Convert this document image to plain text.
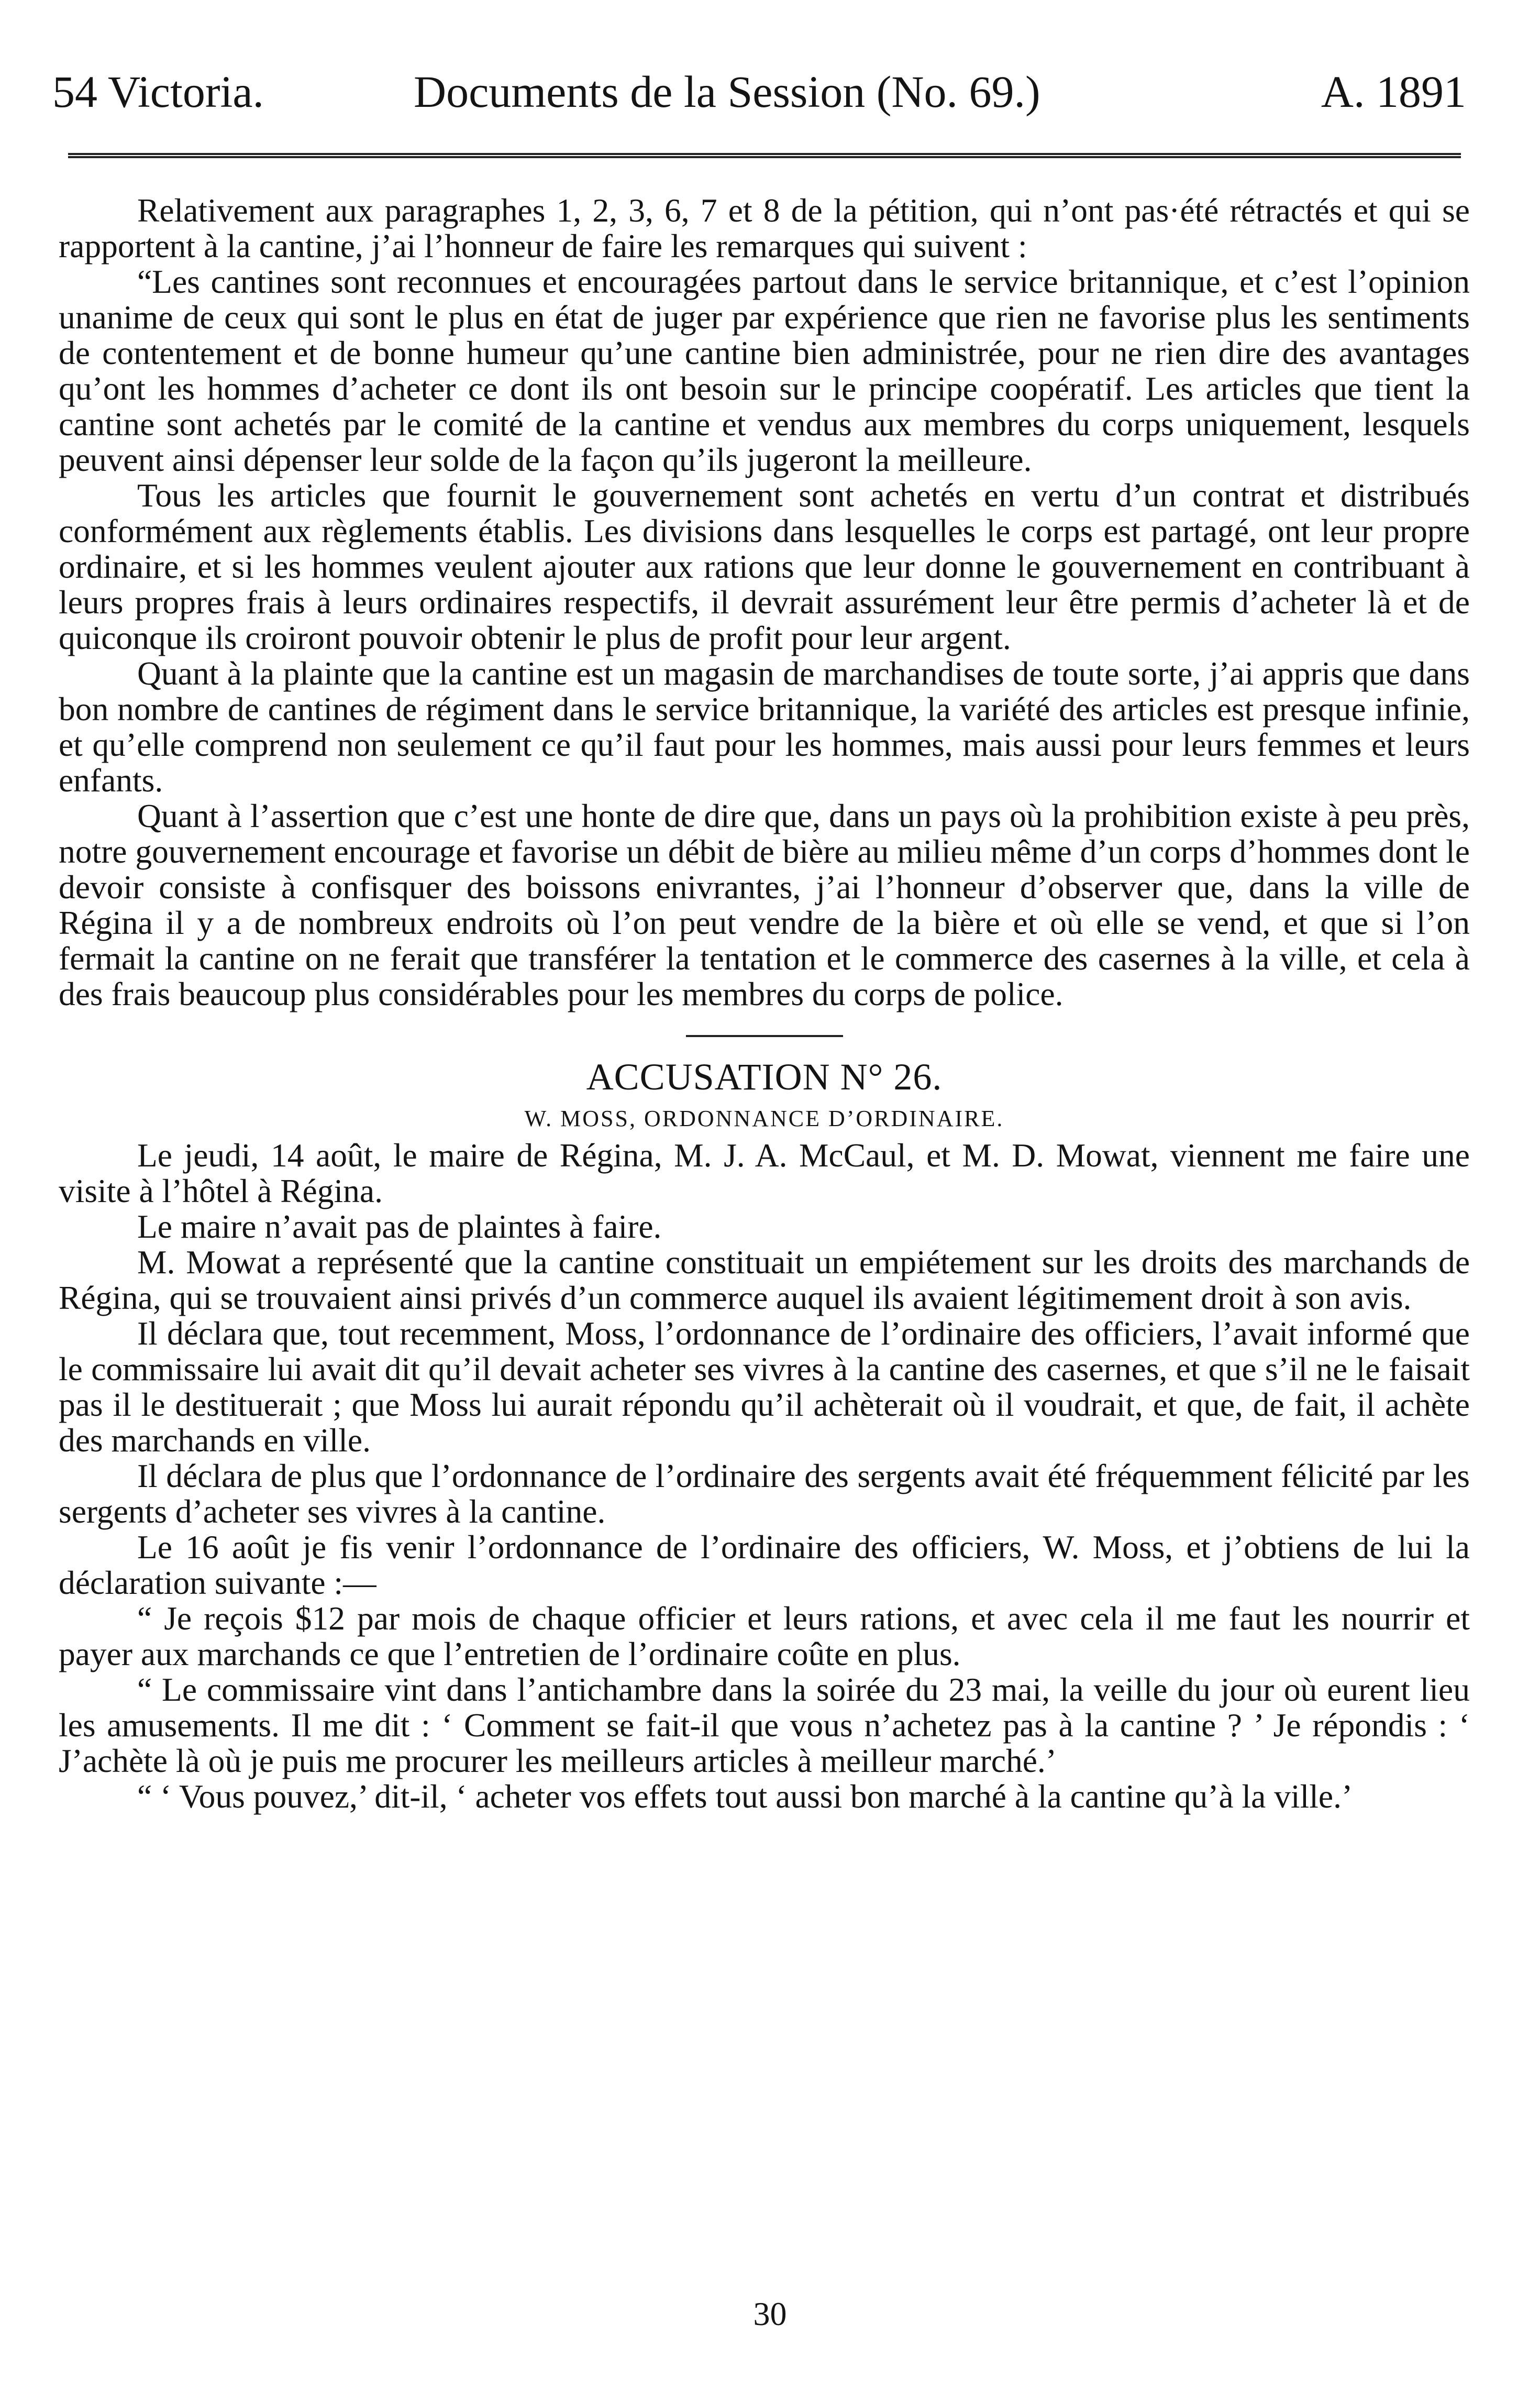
54 Victoria.	Documents de la Session (No. 69.)	A. 1891

Relativement aux paragraphes 1, 2, 3, 6, 7 et 8 de la pétition, qui n’ont pas·été rétractés et qui se rapportent à la cantine, j’ai l’honneur de faire les remarques qui suivent :

“Les cantines sont reconnues et encouragées partout dans le service britannique, et c’est l’opinion unanime de ceux qui sont le plus en état de juger par expérience que rien ne favorise plus les sentiments de contentement et de bonne humeur qu’une cantine bien administrée, pour ne rien dire des avantages qu’ont les hommes d’acheter ce dont ils ont besoin sur le principe coopératif. Les articles que tient la cantine sont achetés par le comité de la cantine et vendus aux membres du corps uniquement, lesquels peuvent ainsi dépenser leur solde de la façon qu’ils jugeront la meilleure.

Tous les articles que fournit le gouvernement sont achetés en vertu d’un contrat et distribués conformément aux règlements établis. Les divisions dans lesquelles le corps est partagé, ont leur propre ordinaire, et si les hommes veulent ajouter aux rations que leur donne le gouvernement en contribuant à leurs propres frais à leurs ordinaires respectifs, il devrait assurément leur être permis d’acheter là et de quiconque ils croiront pouvoir obtenir le plus de profit pour leur argent.

Quant à la plainte que la cantine est un magasin de marchandises de toute sorte, j’ai appris que dans bon nombre de cantines de régiment dans le service britannique, la variété des articles est presque infinie, et qu’elle comprend non seulement ce qu’il faut pour les hommes, mais aussi pour leurs femmes et leurs enfants.

Quant à l’assertion que c’est une honte de dire que, dans un pays où la prohibition existe à peu près, notre gouvernement encourage et favorise un débit de bière au milieu même d’un corps d’hommes dont le devoir consiste à confisquer des boissons enivrantes, j’ai l’honneur d’observer que, dans la ville de Régina il y a de nombreux endroits où l’on peut vendre de la bière et où elle se vend, et que si l’on fermait la cantine on ne ferait que transférer la tentation et le commerce des casernes à la ville, et cela à des frais beaucoup plus considérables pour les membres du corps de police.

ACCUSATION N° 26.

W. MOSS, ORDONNANCE D’ORDINAIRE.

Le jeudi, 14 août, le maire de Régina, M. J. A. McCaul, et M. D. Mowat, viennent me faire une visite à l’hôtel à Régina.

Le maire n’avait pas de plaintes à faire.

M. Mowat a représenté que la cantine constituait un empiétement sur les droits des marchands de Régina, qui se trouvaient ainsi privés d’un commerce auquel ils avaient légitimement droit à son avis.

Il déclara que, tout recemment, Moss, l’ordonnance de l’ordinaire des officiers, l’avait informé que le commissaire lui avait dit qu’il devait acheter ses vivres à la cantine des casernes, et que s’il ne le faisait pas il le destituerait ; que Moss lui aurait répondu qu’il achèterait où il voudrait, et que, de fait, il achète des marchands en ville.

Il déclara de plus que l’ordonnance de l’ordinaire des sergents avait été fréquemment félicité par les sergents d’acheter ses vivres à la cantine.

Le 16 août je fis venir l’ordonnance de l’ordinaire des officiers, W. Moss, et j’obtiens de lui la déclaration suivante :—

“ Je reçois $12 par mois de chaque officier et leurs rations, et avec cela il me faut les nourrir et payer aux marchands ce que l’entretien de l’ordinaire coûte en plus.

“ Le commissaire vint dans l’antichambre dans la soirée du 23 mai, la veille du jour où eurent lieu les amusements. Il me dit : ‘ Comment se fait-il que vous n’achetez pas à la cantine ? ’ Je répondis : ‘ J’achète là où je puis me procurer les meilleurs articles à meilleur marché.’

“ ‘ Vous pouvez,’ dit-il, ‘ acheter vos effets tout aussi bon marché à la cantine qu’à la ville.’

30
